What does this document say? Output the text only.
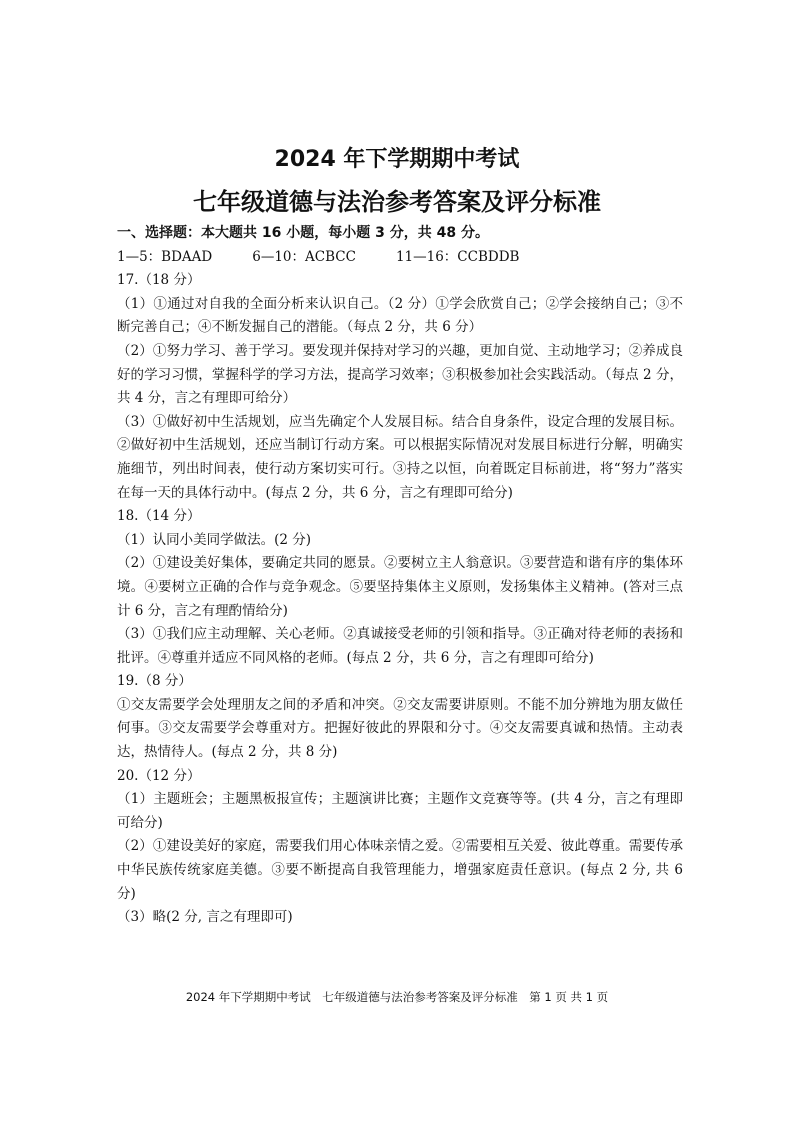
2024 年下学期期中考试
七年级道德与法治参考答案及评分标准
一、选择题：本大题共 16 小题，每小题 3 分，共 48 分。
1—5：BDAAD	6—10：ACBCC	11—16：CCBDDB
17.（18 分）
（1）①通过对自我的全面分析来认识自己。（2 分）①学会欣赏自己；②学会接纳自己；③不断完善自己；④不断发掘自己的潜能。（每点 2 分，共 6 分）
（2）①努力学习、善于学习。要发现并保持对学习的兴趣，更加自觉、主动地学习；②养成良好的学习习惯，掌握科学的学习方法，提高学习效率；③积极参加社会实践活动。（每点 2 分，共 4 分，言之有理即可给分）
（3）①做好初中生活规划，应当先确定个人发展目标。结合自身条件，设定合理的发展目标。②做好初中生活规划，还应当制订行动方案。可以根据实际情况对发展目标进行分解，明确实施细节，列出时间表，使行动方案切实可行。③持之以恒，向着既定目标前进，将“努力”落实在每一天的具体行动中。(每点 2 分，共 6 分，言之有理即可给分)
18.（14 分）
（1）认同小美同学做法。(2 分)
（2）①建设美好集体，要确定共同的愿景。②要树立主人翁意识。③要营造和谐有序的集体环境。④要树立正确的合作与竞争观念。⑤要坚持集体主义原则，发扬集体主义精神。(答对三点计 6 分，言之有理酌情给分)
（3）①我们应主动理解、关心老师。②真诚接受老师的引领和指导。③正确对待老师的表扬和批评。④尊重并适应不同风格的老师。(每点 2 分，共 6 分，言之有理即可给分)
19.（8 分）
①交友需要学会处理朋友之间的矛盾和冲突。②交友需要讲原则。不能不加分辨地为朋友做任何事。③交友需要学会尊重对方。把握好彼此的界限和分寸。④交友需要真诚和热情。主动表达，热情待人。(每点 2 分，共 8 分)
20.（12 分）
（1）主题班会；主题黑板报宣传；主题演讲比赛；主题作文竞赛等等。(共 4 分，言之有理即可给分)
（2）①建设美好的家庭，需要我们用心体味亲情之爱。②需要相互关爱、彼此尊重。需要传承中华民族传统家庭美德。③要不断提高自我管理能力，增强家庭责任意识。(每点 2 分, 共 6 分)
（3）略(2 分, 言之有理即可)
2024 年下学期期中考试　七年级道德与法治参考答案及评分标准　第 1 页 共 1 页
